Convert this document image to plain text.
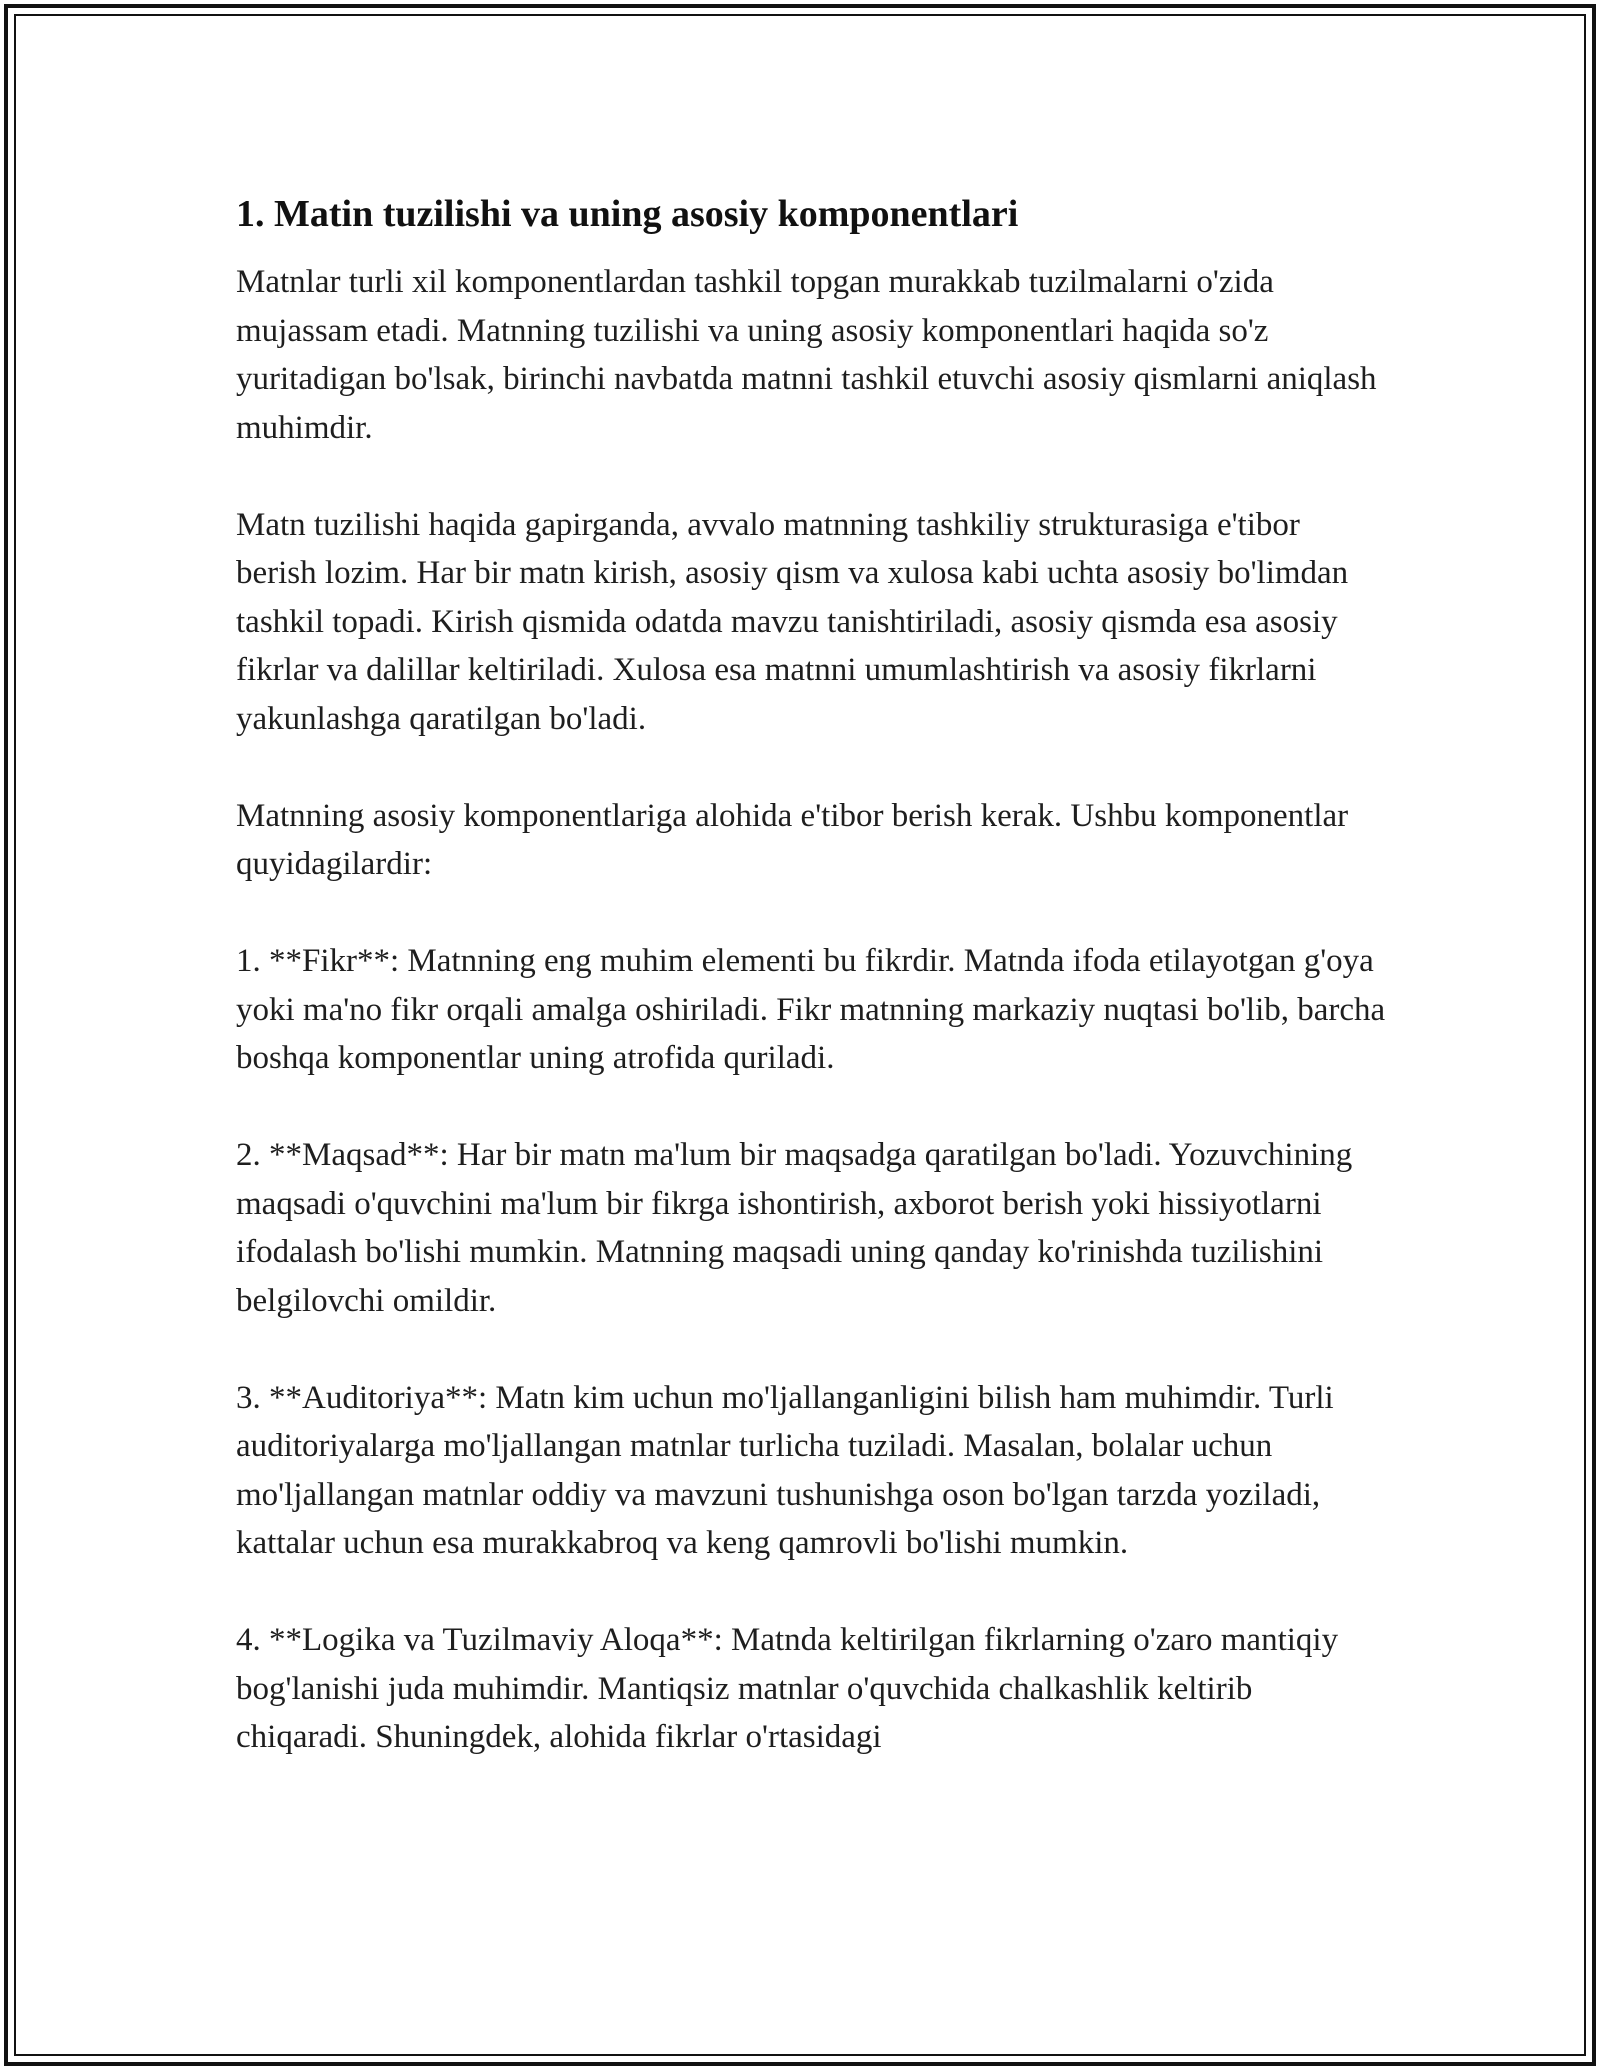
1. Matin tuzilishi va uning asosiy komponentlari

Matnlar turli xil komponentlardan tashkil topgan murakkab tuzilmalarni o'zida mujassam etadi. Matnning tuzilishi va uning asosiy komponentlari haqida so'z yuritadigan bo'lsak, birinchi navbatda matnni tashkil etuvchi asosiy qismlarni aniqlash muhimdir.

Matn tuzilishi haqida gapirganda, avvalo matnning tashkiliy strukturasiga e'tibor berish lozim. Har bir matn kirish, asosiy qism va xulosa kabi uchta asosiy bo'limdan tashkil topadi. Kirish qismida odatda mavzu tanishtiriladi, asosiy qismda esa asosiy fikrlar va dalillar keltiriladi. Xulosa esa matnni umumlashtirish va asosiy fikrlarni yakunlashga qaratilgan bo'ladi.

Matnning asosiy komponentlariga alohida e'tibor berish kerak. Ushbu komponentlar quyidagilardir:

1. **Fikr**: Matnning eng muhim elementi bu fikrdir. Matnda ifoda etilayotgan g'oya yoki ma'no fikr orqali amalga oshiriladi. Fikr matnning markaziy nuqtasi bo'lib, barcha boshqa komponentlar uning atrofida quriladi.

2. **Maqsad**: Har bir matn ma'lum bir maqsadga qaratilgan bo'ladi. Yozuvchining maqsadi o'quvchini ma'lum bir fikrga ishontirish, axborot berish yoki hissiyotlarni ifodalash bo'lishi mumkin. Matnning maqsadi uning qanday ko'rinishda tuzilishini belgilovchi omildir.

3. **Auditoriya**: Matn kim uchun mo'ljallanganligini bilish ham muhimdir. Turli auditoriyalarga mo'ljallangan matnlar turlicha tuziladi. Masalan, bolalar uchun mo'ljallangan matnlar oddiy va mavzuni tushunishga oson bo'lgan tarzda yoziladi, kattalar uchun esa murakkabroq va keng qamrovli bo'lishi mumkin.

4. **Logika va Tuzilmaviy Aloqa**: Matnda keltirilgan fikrlarning o'zaro mantiqiy bog'lanishi juda muhimdir. Mantiqsiz matnlar o'quvchida chalkashlik keltirib chiqaradi. Shuningdek, alohida fikrlar o'rtasidagi
